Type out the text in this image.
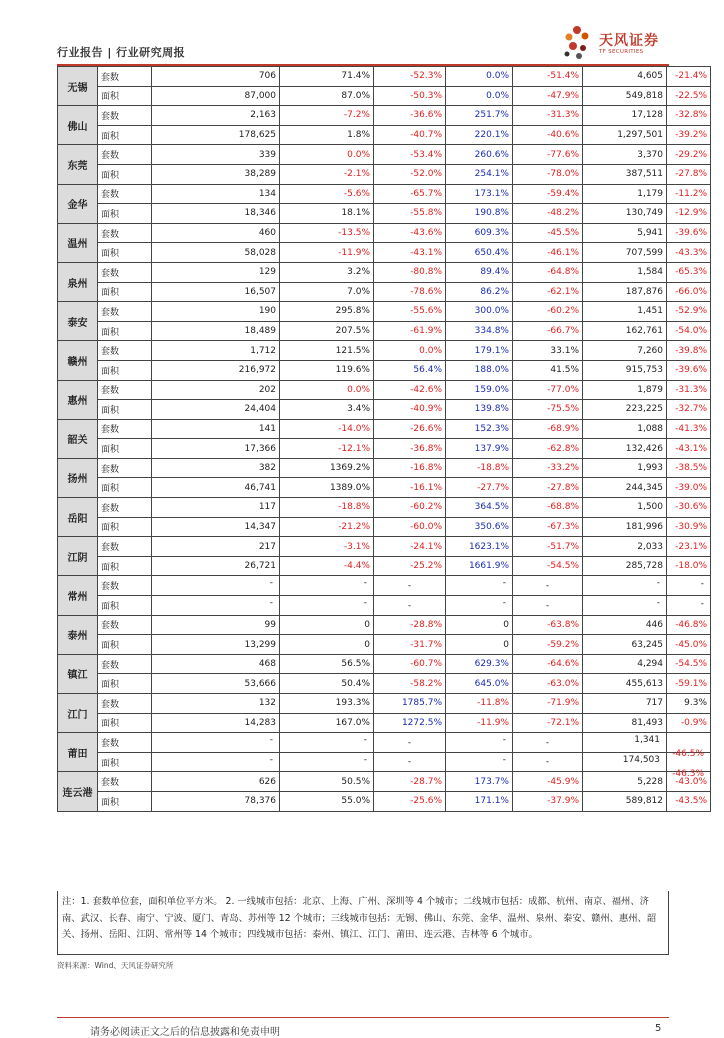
行业报告 | 行业研究周报
天风证券
TF SECURITIES
无锡	套数	706	71.4%	-52.3%	0.0%	-51.4%	4,605	-21.4%
	面积	87,000	87.0%	-50.3%	0.0%	-47.9%	549,818	-22.5%
佛山	套数	2,163	-7.2%	-36.6%	251.7%	-31.3%	17,128	-32.8%
	面积	178,625	1.8%	-40.7%	220.1%	-40.6%	1,297,501	-39.2%
东莞	套数	339	0.0%	-53.4%	260.6%	-77.6%	3,370	-29.2%
	面积	38,289	-2.1%	-52.0%	254.1%	-78.0%	387,511	-27.8%
金华	套数	134	-5.6%	-65.7%	173.1%	-59.4%	1,179	-11.2%
	面积	18,346	18.1%	-55.8%	190.8%	-48.2%	130,749	-12.9%
温州	套数	460	-13.5%	-43.6%	609.3%	-45.5%	5,941	-39.6%
	面积	58,028	-11.9%	-43.1%	650.4%	-46.1%	707,599	-43.3%
泉州	套数	129	3.2%	-80.8%	89.4%	-64.8%	1,584	-65.3%
	面积	16,507	7.0%	-78.6%	86.2%	-62.1%	187,876	-66.0%
泰安	套数	190	295.8%	-55.6%	300.0%	-60.2%	1,451	-52.9%
	面积	18,489	207.5%	-61.9%	334.8%	-66.7%	162,761	-54.0%
赣州	套数	1,712	121.5%	0.0%	179.1%	33.1%	7,260	-39.8%
	面积	216,972	119.6%	56.4%	188.0%	41.5%	915,753	-39.6%
惠州	套数	202	0.0%	-42.6%	159.0%	-77.0%	1,879	-31.3%
	面积	24,404	3.4%	-40.9%	139.8%	-75.5%	223,225	-32.7%
韶关	套数	141	-14.0%	-26.6%	152.3%	-68.9%	1,088	-41.3%
	面积	17,366	-12.1%	-36.8%	137.9%	-62.8%	132,426	-43.1%
扬州	套数	382	1369.2%	-16.8%	-18.8%	-33.2%	1,993	-38.5%
	面积	46,741	1389.0%	-16.1%	-27.7%	-27.8%	244,345	-39.0%
岳阳	套数	117	-18.8%	-60.2%	364.5%	-68.8%	1,500	-30.6%
	面积	14,347	-21.2%	-60.0%	350.6%	-67.3%	181,996	-30.9%
江阴	套数	217	-3.1%	-24.1%	1623.1%	-51.7%	2,033	-23.1%
	面积	26,721	-4.4%	-25.2%	1661.9%	-54.5%	285,728	-18.0%
常州	套数	-	-	-	-	-	-	-

	面积	-	-	-	-	-	-	-

泰州	套数	99	0	-28.8%	0	-63.8%	446	-46.8%
	面积	13,299	0	-31.7%	0	-59.2%	63,245	-45.0%
镇江	套数	468	56.5%	-60.7%	629.3%	-64.6%	4,294	-54.5%
	面积	53,666	50.4%	-58.2%	645.0%	-63.0%	455,613	-59.1%
江门	套数	132	193.3%	1785.7%	-11.8%	-71.9%	717	9.3%
	面积	14,283	167.0%	1272.5%	-11.9%	-72.1%	81,493	-0.9%
莆田	套数	-	-	-	-	-	1,341	-46.5%

	面积	-	-	-	-	-	174,503	-46.3%

连云港	套数	626	50.5%	-28.7%	173.7%	-45.9%	5,228	-43.0%
	面积	78,376	55.0%	-25.6%	171.1%	-37.9%	589,812	-43.5%
注：1. 套数单位套，面积单位平方米。 2. 一线城市包括：北京、上海、广州、深圳等 4 个城市；二线城市包括：成都、杭州、南京、福州、济南、武汉、长春、南宁、宁波、厦门、青岛、苏州等 12 个城市；三线城市包括：无锡、佛山、东莞、金华、温州、泉州、泰安、赣州、惠州、韶关、扬州、岳阳、江阴、常州等 14 个城市；四线城市包括：泰州、镇江、江门、莆田、连云港、吉林等 6 个城市。
资料来源：Wind、天风证券研究所
请务必阅读正文之后的信息披露和免责申明	5
